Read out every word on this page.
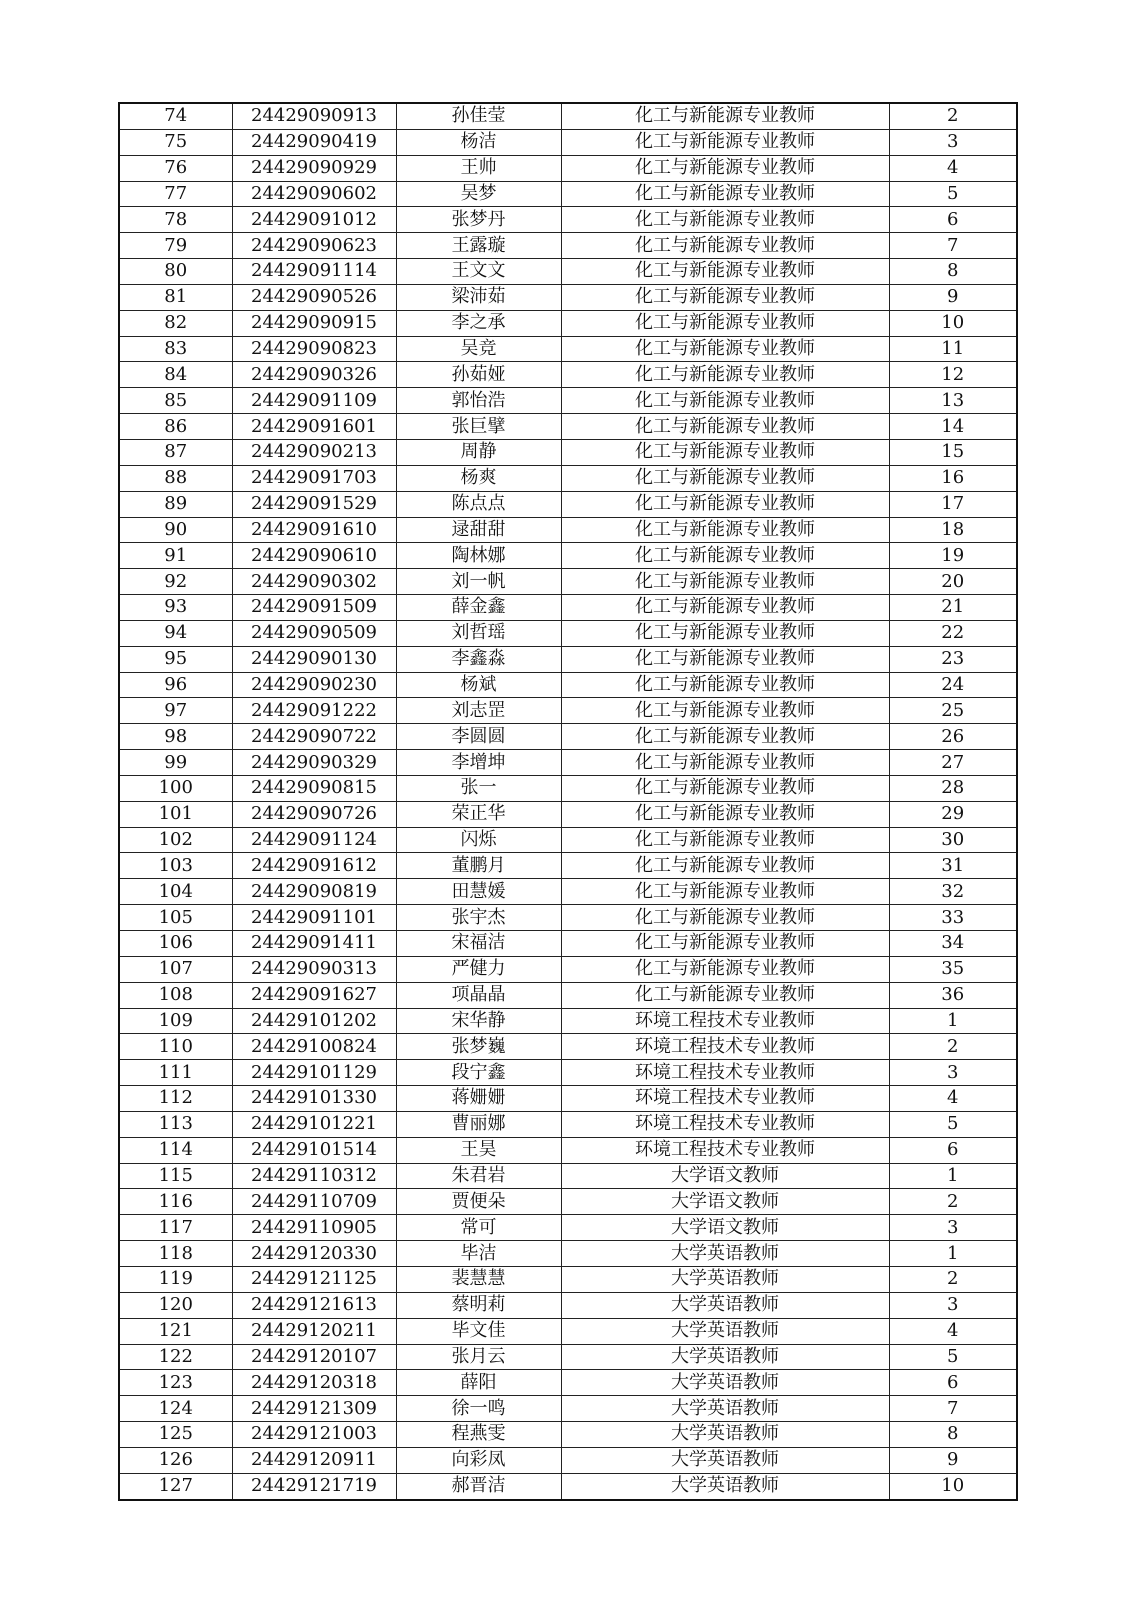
74	24429090913	孙佳莹	化工与新能源专业教师	2
75	24429090419	杨洁	化工与新能源专业教师	3
76	24429090929	王帅	化工与新能源专业教师	4
77	24429090602	吴梦	化工与新能源专业教师	5
78	24429091012	张梦丹	化工与新能源专业教师	6
79	24429090623	王露璇	化工与新能源专业教师	7
80	24429091114	王文文	化工与新能源专业教师	8
81	24429090526	梁沛茹	化工与新能源专业教师	9
82	24429090915	李之承	化工与新能源专业教师	10
83	24429090823	吴竞	化工与新能源专业教师	11
84	24429090326	孙茹娅	化工与新能源专业教师	12
85	24429091109	郭怡浩	化工与新能源专业教师	13
86	24429091601	张巨擘	化工与新能源专业教师	14
87	24429090213	周静	化工与新能源专业教师	15
88	24429091703	杨爽	化工与新能源专业教师	16
89	24429091529	陈点点	化工与新能源专业教师	17
90	24429091610	逯甜甜	化工与新能源专业教师	18
91	24429090610	陶林娜	化工与新能源专业教师	19
92	24429090302	刘一帆	化工与新能源专业教师	20
93	24429091509	薛金鑫	化工与新能源专业教师	21
94	24429090509	刘哲瑶	化工与新能源专业教师	22
95	24429090130	李鑫淼	化工与新能源专业教师	23
96	24429090230	杨斌	化工与新能源专业教师	24
97	24429091222	刘志罡	化工与新能源专业教师	25
98	24429090722	李圆圆	化工与新能源专业教师	26
99	24429090329	李增坤	化工与新能源专业教师	27
100	24429090815	张一	化工与新能源专业教师	28
101	24429090726	荣正华	化工与新能源专业教师	29
102	24429091124	闪烁	化工与新能源专业教师	30
103	24429091612	董鹏月	化工与新能源专业教师	31
104	24429090819	田慧媛	化工与新能源专业教师	32
105	24429091101	张宇杰	化工与新能源专业教师	33
106	24429091411	宋福洁	化工与新能源专业教师	34
107	24429090313	严健力	化工与新能源专业教师	35
108	24429091627	项晶晶	化工与新能源专业教师	36
109	24429101202	宋华静	环境工程技术专业教师	1
110	24429100824	张梦巍	环境工程技术专业教师	2
111	24429101129	段宁鑫	环境工程技术专业教师	3
112	24429101330	蒋姗姗	环境工程技术专业教师	4
113	24429101221	曹丽娜	环境工程技术专业教师	5
114	24429101514	王昊	环境工程技术专业教师	6
115	24429110312	朱君岩	大学语文教师	1
116	24429110709	贾便朵	大学语文教师	2
117	24429110905	常可	大学语文教师	3
118	24429120330	毕洁	大学英语教师	1
119	24429121125	裴慧慧	大学英语教师	2
120	24429121613	蔡明莉	大学英语教师	3
121	24429120211	毕文佳	大学英语教师	4
122	24429120107	张月云	大学英语教师	5
123	24429120318	薛阳	大学英语教师	6
124	24429121309	徐一鸣	大学英语教师	7
125	24429121003	程燕雯	大学英语教师	8
126	24429120911	向彩凤	大学英语教师	9
127	24429121719	郝晋洁	大学英语教师	10
